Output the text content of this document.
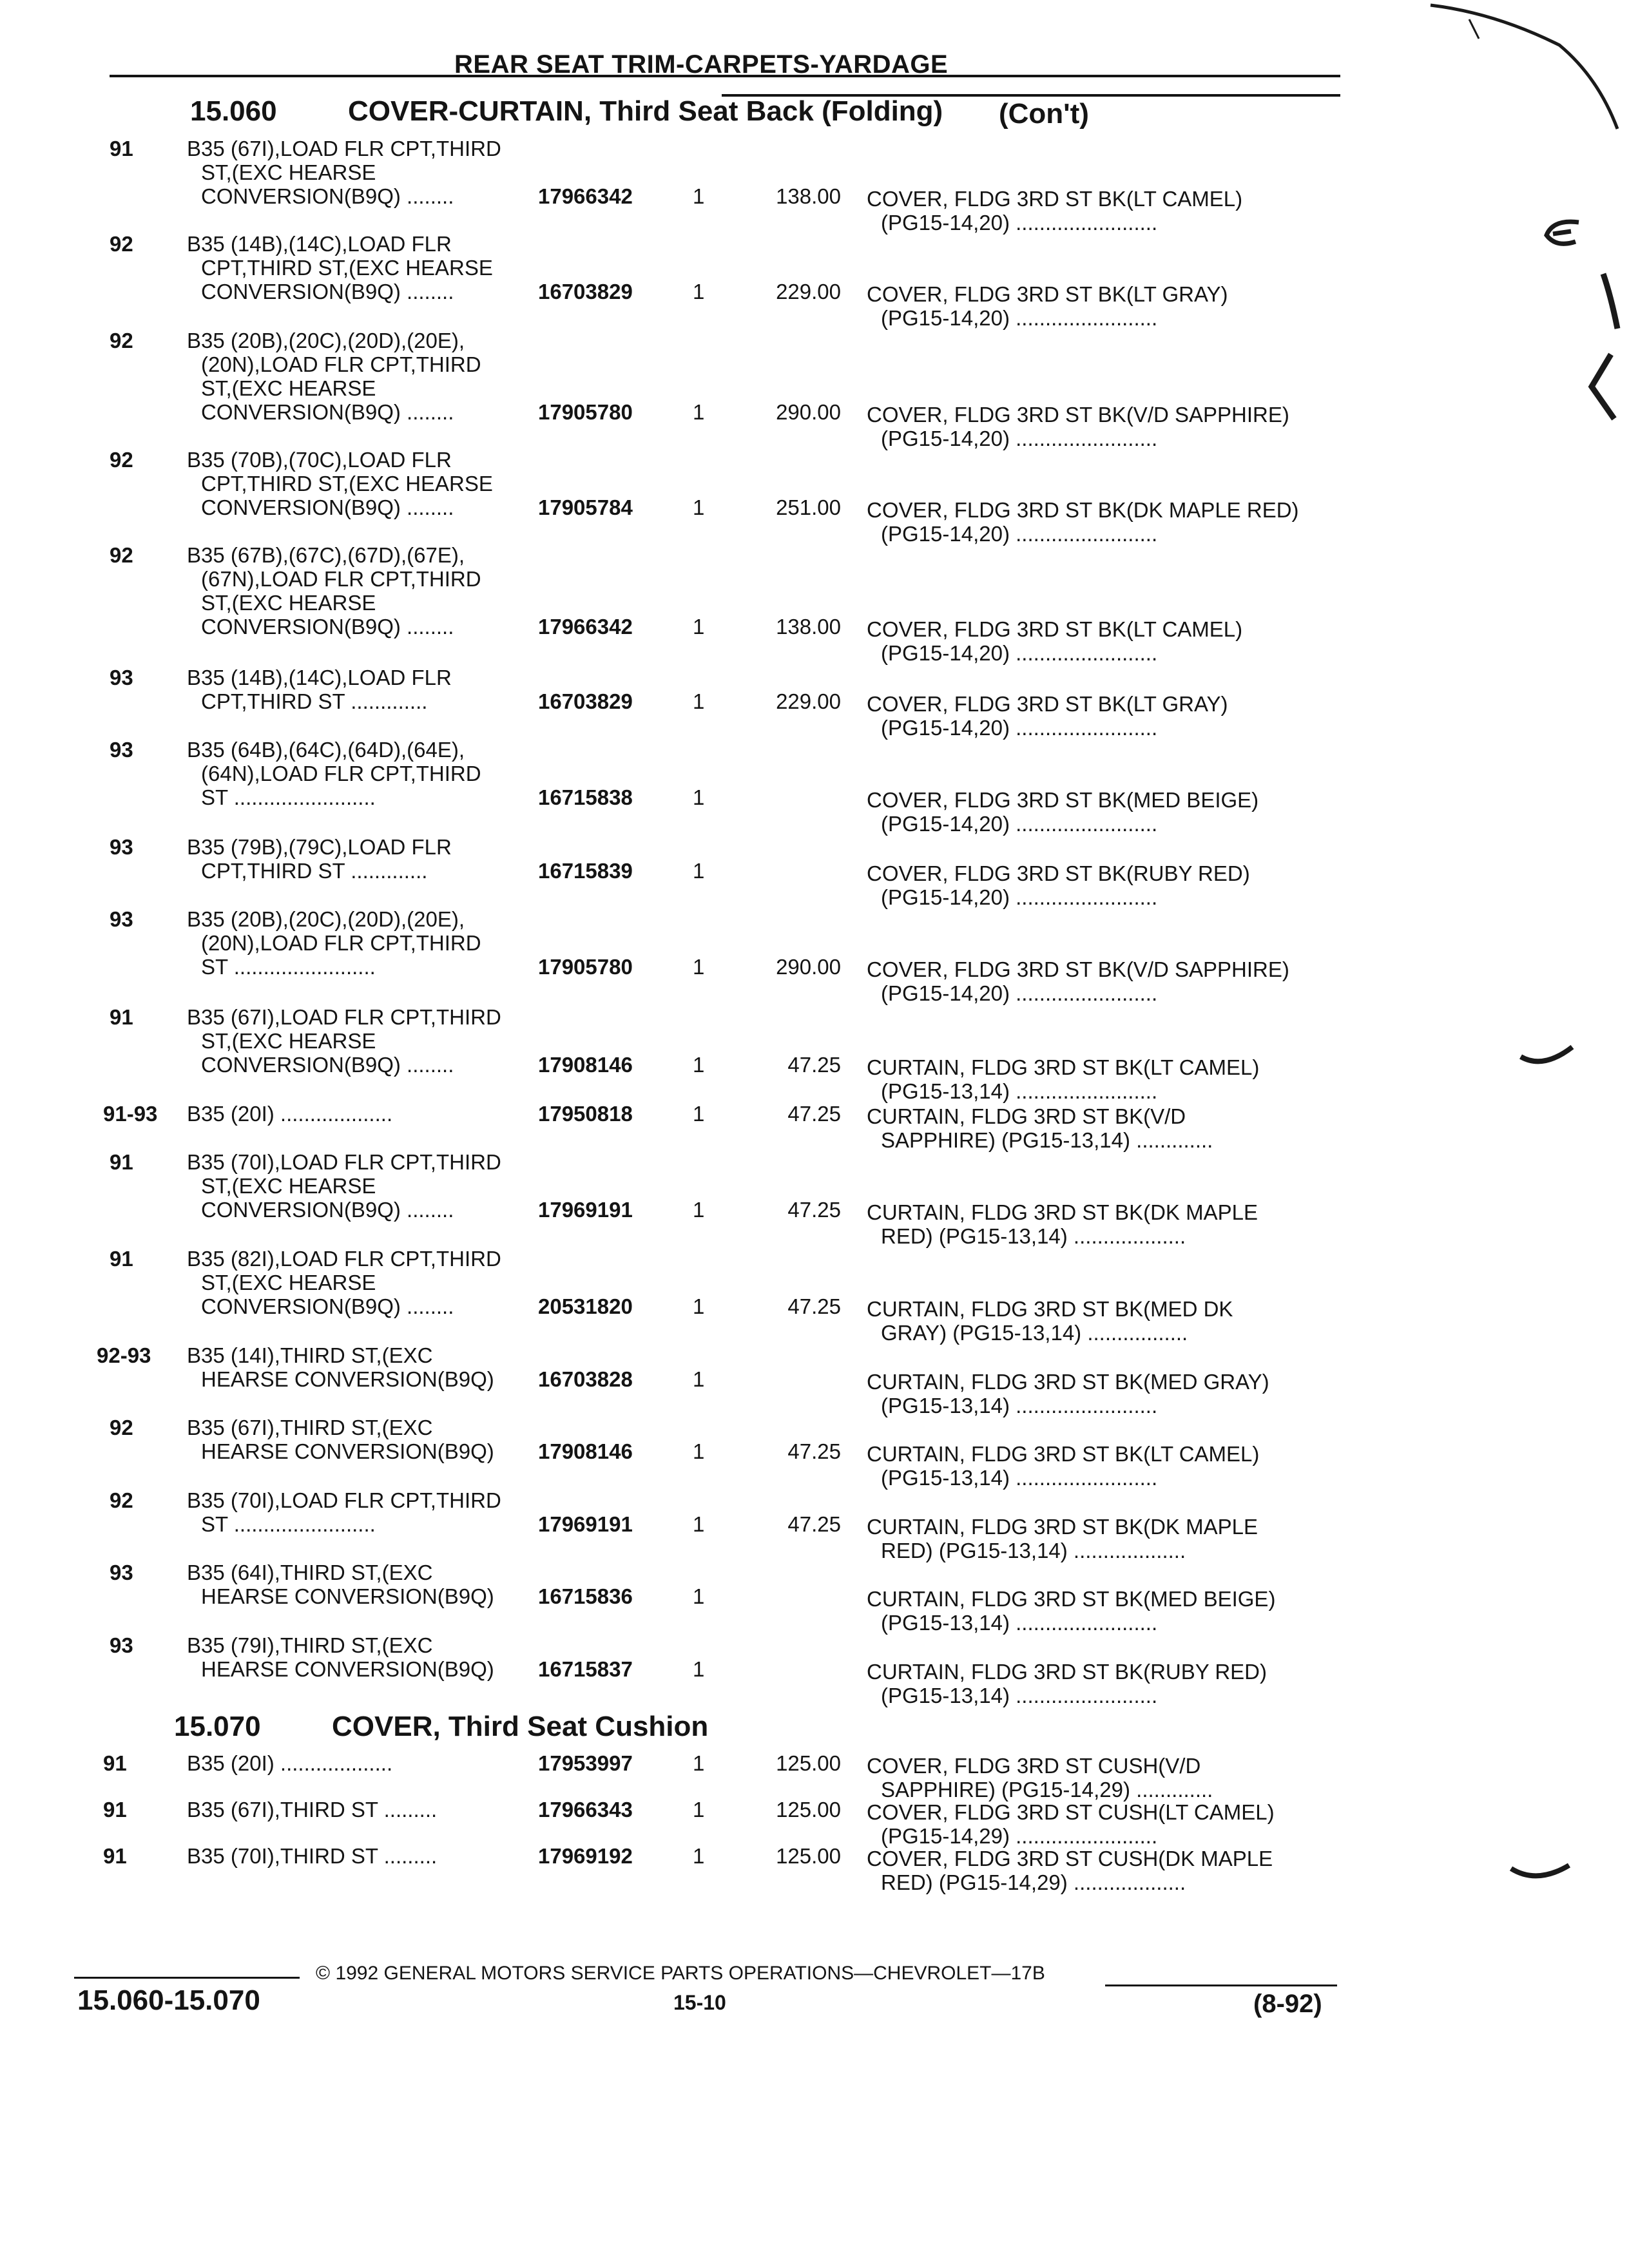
REAR SEAT TRIM-CARPETS-YARDAGE
15.060	COVER-CURTAIN, Third Seat Back (Folding) (Con't)
15.070	COVER, Third Seat Cushion
91	B35 (67I),LOAD FLR CPT,THIRD
ST,(EXC HEARSE
CONVERSION(B9Q) ........	17966342	1	138.00 COVER, FLDG 3RD ST BK(LT CAMEL)
(PG15-14,20) ........................
92	B35 (14B),(14C),LOAD FLR
CPT,THIRD ST,(EXC HEARSE
CONVERSION(B9Q) ........	16703829	1	229.00 COVER, FLDG 3RD ST BK(LT GRAY)
(PG15-14,20) ........................
92	B35 (20B),(20C),(20D),(20E),
(20N),LOAD FLR CPT,THIRD
ST,(EXC HEARSE
CONVERSION(B9Q) ........	17905780	1	290.00 COVER, FLDG 3RD ST BK(V/D SAPPHIRE)
(PG15-14,20) ........................
92	B35 (70B),(70C),LOAD FLR
CPT,THIRD ST,(EXC HEARSE
CONVERSION(B9Q) ........	17905784	1	251.00 COVER, FLDG 3RD ST BK(DK MAPLE RED)
(PG15-14,20) ........................
92	B35 (67B),(67C),(67D),(67E),
(67N),LOAD FLR CPT,THIRD
ST,(EXC HEARSE
CONVERSION(B9Q) ........	17966342	1	138.00 COVER, FLDG 3RD ST BK(LT CAMEL)
(PG15-14,20) ........................
93	B35 (14B),(14C),LOAD FLR
CPT,THIRD ST .............	16703829	1	229.00 COVER, FLDG 3RD ST BK(LT GRAY)
(PG15-14,20) ........................
93	B35 (64B),(64C),(64D),(64E),
(64N),LOAD FLR CPT,THIRD
ST ........................	16715838	1	COVER, FLDG 3RD ST BK(MED BEIGE)
(PG15-14,20) ........................
93	B35 (79B),(79C),LOAD FLR
CPT,THIRD ST .............	16715839	1	COVER, FLDG 3RD ST BK(RUBY RED)
(PG15-14,20) ........................
93	B35 (20B),(20C),(20D),(20E),
(20N),LOAD FLR CPT,THIRD
ST ........................	17905780	1	290.00 COVER, FLDG 3RD ST BK(V/D SAPPHIRE)
(PG15-14,20) ........................
91	B35 (67I),LOAD FLR CPT,THIRD
ST,(EXC HEARSE
CONVERSION(B9Q) ........	17908146	1	47.25 CURTAIN, FLDG 3RD ST BK(LT CAMEL)
(PG15-13,14) ........................
91-93 B35 (20I) ...................	17950818	1	47.25 CURTAIN, FLDG 3RD ST BK(V/D
SAPPHIRE) (PG15-13,14) .............
91	B35 (70I),LOAD FLR CPT,THIRD
ST,(EXC HEARSE
CONVERSION(B9Q) ........	17969191	1	47.25 CURTAIN, FLDG 3RD ST BK(DK MAPLE
RED) (PG15-13,14) ...................
91	B35 (82I),LOAD FLR CPT,THIRD
ST,(EXC HEARSE
CONVERSION(B9Q) ........	20531820	1	47.25 CURTAIN, FLDG 3RD ST BK(MED DK
GRAY) (PG15-13,14) .................
92-93 B35 (14I),THIRD ST,(EXC
HEARSE CONVERSION(B9Q) 16703828	1	CURTAIN, FLDG 3RD ST BK(MED GRAY)
(PG15-13,14) ........................
92	B35 (67I),THIRD ST,(EXC
HEARSE CONVERSION(B9Q) 17908146	1	47.25 CURTAIN, FLDG 3RD ST BK(LT CAMEL)
(PG15-13,14) ........................
92	B35 (70I),LOAD FLR CPT,THIRD
ST ........................	17969191	1	47.25 CURTAIN, FLDG 3RD ST BK(DK MAPLE
RED) (PG15-13,14) ...................
93	B35 (64I),THIRD ST,(EXC
HEARSE CONVERSION(B9Q) 16715836	1	CURTAIN, FLDG 3RD ST BK(MED BEIGE)
(PG15-13,14) ........................
93	B35 (79I),THIRD ST,(EXC
HEARSE CONVERSION(B9Q) 16715837	1	CURTAIN, FLDG 3RD ST BK(RUBY RED)
(PG15-13,14) ........................
91	B35 (20I) ...................	17953997	1	125.00 COVER, FLDG 3RD ST CUSH(V/D
SAPPHIRE) (PG15-14,29) .............
91	B35 (67I),THIRD ST .........	17966343	1	125.00 COVER, FLDG 3RD ST CUSH(LT CAMEL)
(PG15-14,29) ........................
91	B35 (70I),THIRD ST .........	17969192	1	125.00 COVER, FLDG 3RD ST CUSH(DK MAPLE
RED) (PG15-14,29) ...................
© 1992 GENERAL MOTORS SERVICE PARTS OPERATIONS—CHEVROLET—17B
15.060-15.070	15-10	(8-92)
